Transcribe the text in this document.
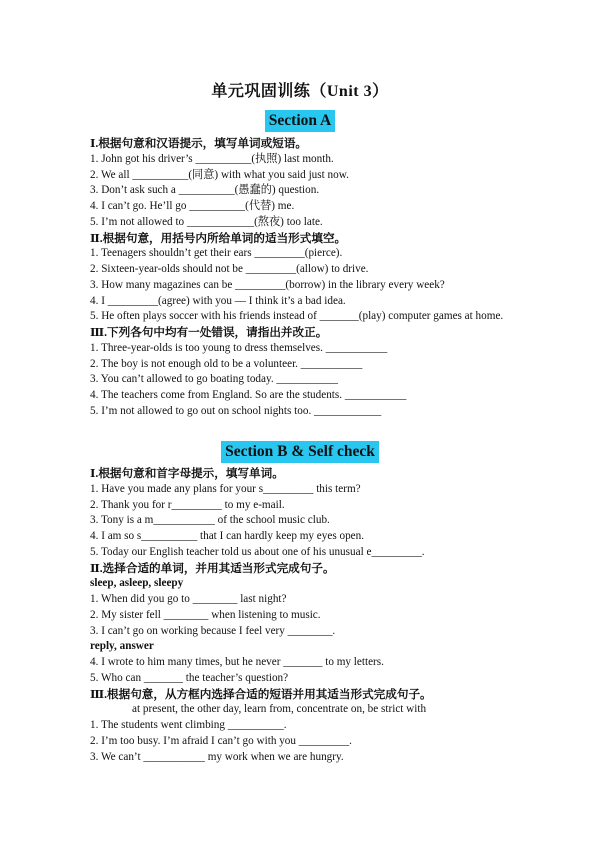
单元巩固训练（Unit 3）
Section A
Ⅰ.根据句意和汉语提示，填写单词或短语。
1. John got his driver’s __________(执照) last month.
2. We all __________(同意) with what you said just now.
3. Don’t ask such a __________(愚蠢的) question.
4. I can’t go. He’ll go __________(代替) me.
5. I’m not allowed to ____________(熬夜) too late.
Ⅱ.根据句意，用括号内所给单词的适当形式填空。
1. Teenagers shouldn’t get their ears _________(pierce).
2. Sixteen-year-olds should not be _________(allow) to drive.
3. How many magazines can be _________(borrow) in the library every week?
4. I _________(agree) with you — I think it’s a bad idea.
5. He often plays soccer with his friends instead of _______(play) computer games at home.
Ⅲ.下列各句中均有一处错误，请指出并改正。
1. Three-year-olds is too young to dress themselves. ___________
2. The boy is not enough old to be a volunteer. ___________
3. You can’t allowed to go boating today. ___________
4. The teachers come from England. So are the students. ___________
5. I’m not allowed to go out on school nights too. ____________
Section B & Self check
Ⅰ.根据句意和首字母提示，填写单词。
1. Have you made any plans for your s_________ this term?
2. Thank you for r_________ to my e-mail.
3. Tony is a m___________ of the school music club.
4. I am so s__________ that I can hardly keep my eyes open.
5. Today our English teacher told us about one of his unusual e_________.
Ⅱ.选择合适的单词，并用其适当形式完成句子。
sleep, asleep, sleepy
1. When did you go to ________ last night?
2. My sister fell ________ when listening to music.
3. I can’t go on working because I feel very ________.
reply, answer
4. I wrote to him many times, but he never _______ to my letters.
5. Who can _______ the teacher’s question?
Ⅲ.根据句意，从方框内选择合适的短语并用其适当形式完成句子。
at present, the other day, learn from, concentrate on, be strict with
1. The students went climbing __________.
2. I’m too busy. I’m afraid I can’t go with you _________.
3. We can’t ___________ my work when we are hungry.
